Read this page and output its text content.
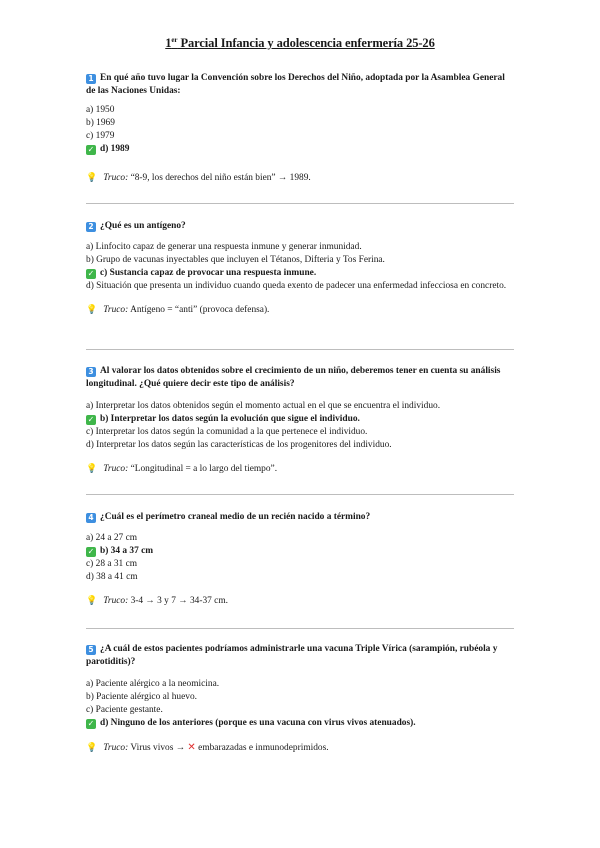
1er Parcial Infancia y adolescencia enfermería 25-26
1 En qué año tuvo lugar la Convención sobre los Derechos del Niño, adoptada por la Asamblea General de las Naciones Unidas:
a) 1950
b) 1969
c) 1979
✓ d) 1989
💡 Truco: “8-9, los derechos del niño están bien” → 1989.
2 ¿Qué es un antígeno?
a) Linfocito capaz de generar una respuesta inmune y generar inmunidad.
b) Grupo de vacunas inyectables que incluyen el Tétanos, Difteria y Tos Ferina.
✓ c) Sustancia capaz de provocar una respuesta inmune.
d) Situación que presenta un individuo cuando queda exento de padecer una enfermedad infecciosa en concreto.
💡 Truco: Antígeno = “anti” (provoca defensa).
3 Al valorar los datos obtenidos sobre el crecimiento de un niño, deberemos tener en cuenta su análisis longitudinal. ¿Qué quiere decir este tipo de análisis?
a) Interpretar los datos obtenidos según el momento actual en el que se encuentra el individuo.
✓ b) Interpretar los datos según la evolución que sigue el individuo.
c) Interpretar los datos según la comunidad a la que pertenece el individuo.
d) Interpretar los datos según las características de los progenitores del individuo.
💡 Truco: “Longitudinal = a lo largo del tiempo”.
4 ¿Cuál es el perímetro craneal medio de un recién nacido a término?
a) 24 a 27 cm
✓ b) 34 a 37 cm
c) 28 a 31 cm
d) 38 a 41 cm
💡 Truco: 3-4 → 3 y 7 → 34-37 cm.
5 ¿A cuál de estos pacientes podríamos administrarle una vacuna Triple Vírica (sarampión, rubéola y parotiditis)?
a) Paciente alérgico a la neomicina.
b) Paciente alérgico al huevo.
c) Paciente gestante.
✓ d) Ninguno de los anteriores (porque es una vacuna con virus vivos atenuados).
💡 Truco: Virus vivos → ✕ embarazadas e inmunodeprimidos.
